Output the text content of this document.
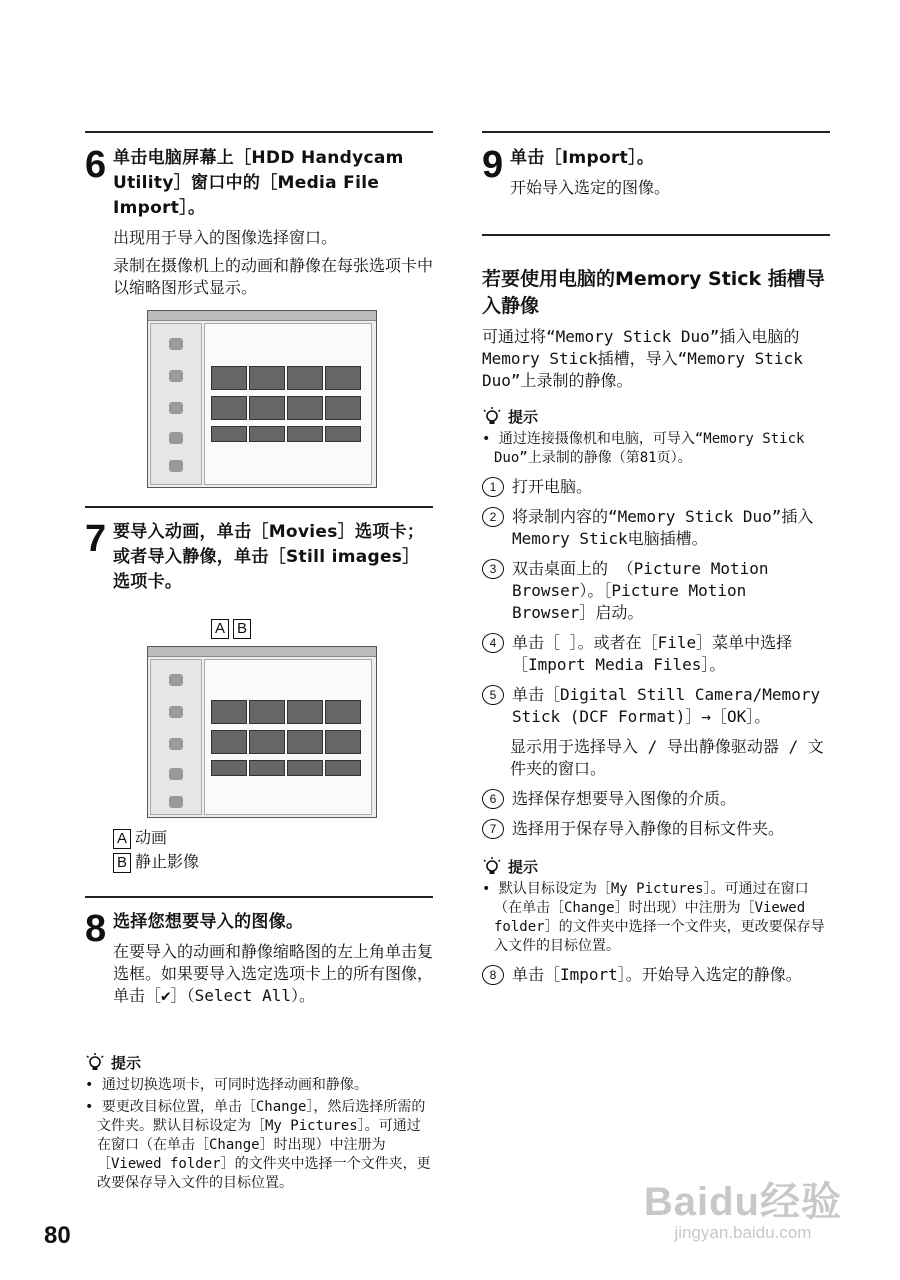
6 单击电脑屏幕上［HDD Handycam Utility］窗口中的［Media File Import］。
出现用于导入的图像选择窗口。
录制在摄像机上的动画和静像在每张选项卡中以缩略图形式显示。
7 要导入动画，单击［Movies］选项卡；或者导入静像，单击［Still images］选项卡。
A B
A 动画
B 静止影像
8 选择您想要导入的图像。
在要导入的动画和静像缩略图的左上角单击复选框。如果要导入选定选项卡上的所有图像，单击［✔］（Select All）。
提示
• 通过切换选项卡，可同时选择动画和静像。
• 要更改目标位置，单击［Change］，然后选择所需的文件夹。默认目标设定为［My Pictures］。可通过在窗口（在单击［Change］时出现）中注册为［Viewed folder］的文件夹中选择一个文件夹，更改要保存导入文件的目标位置。
9 单击［Import］。
开始导入选定的图像。
若要使用电脑的Memory Stick 插槽导入静像
可通过将“Memory Stick Duo”插入电脑的Memory Stick插槽，导入“Memory Stick Duo”上录制的静像。
提示
• 通过连接摄像机和电脑，可导入“Memory Stick Duo”上录制的静像（第81页）。
1 打开电脑。
2 将录制内容的“Memory Stick Duo”插入Memory Stick电脑插槽。
3 双击桌面上的 （Picture Motion Browser）。［Picture Motion Browser］启动。
4 单击［ ］。或者在［File］菜单中选择［Import Media Files］。
5 单击［Digital Still Camera/Memory Stick (DCF Format)］→［OK］。
显示用于选择导入 / 导出静像驱动器 / 文件夹的窗口。
6 选择保存想要导入图像的介质。
7 选择用于保存导入静像的目标文件夹。
提示
• 默认目标设定为［My Pictures］。可通过在窗口（在单击［Change］时出现）中注册为［Viewed folder］的文件夹中选择一个文件夹，更改要保存导入文件的目标位置。
8 单击［Import］。开始导入选定的静像。
80
Baidu经验
jingyan.baidu.com
